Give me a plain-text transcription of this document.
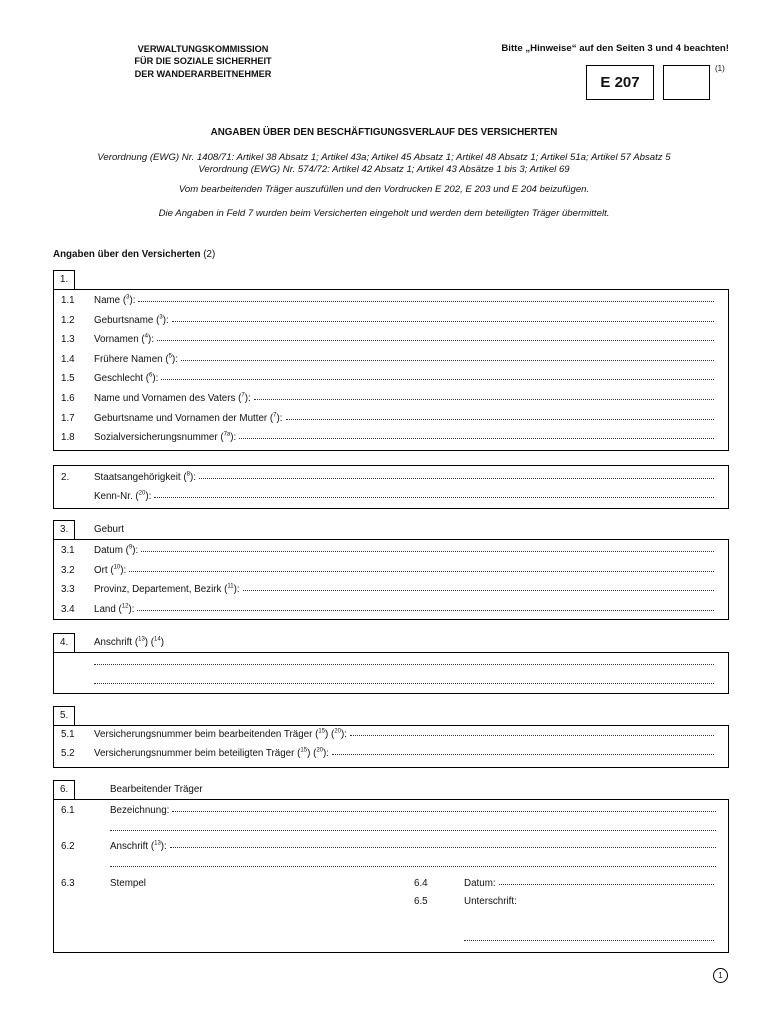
VERWALTUNGSKOMMISSION
FÜR DIE SOZIALE SICHERHEIT
DER WANDERARBEITNEHMER
Bitte „Hinweise“ auf den Seiten 3 und 4 beachten!
E 207
(1)
ANGABEN ÜBER DEN BESCHÄFTIGUNGSVERLAUF DES VERSICHERTEN
Verordnung (EWG) Nr. 1408/71: Artikel 38 Absatz 1; Artikel 43a; Artikel 45 Absatz 1; Artikel 48 Absatz 1; Artikel 51a; Artikel 57 Absatz 5
Verordnung (EWG) Nr. 574/72: Artikel 42 Absatz 1; Artikel 43 Absätze 1 bis 3; Artikel 69
Vom bearbeitenden Träger auszufüllen und den Vordrucken E 202, E 203 und E 204 beizufügen.
Die Angaben in Feld 7 wurden beim Versicherten eingeholt und werden dem beteiligten Träger übermittelt.
Angaben über den Versicherten (2)
1.
1.1 Name ($^3$):
1.2 Geburtsname ($^3$):
1.3 Vornamen ($^4$):
1.4 Frühere Namen ($^5$):
1.5 Geschlecht ($^6$):
1.6 Name und Vornamen des Vaters ($^7$):
1.7 Geburtsname und Vornamen der Mutter ($^7$):
1.8 Sozialversicherungsnummer ($^{7a}$):
2.	Staatsangehörigkeit ($^8$):
Kenn-Nr. ($^{20}$):
3.	Geburt
3.1 Datum ($^9$):
3.2 Ort ($^{10}$):
3.3 Provinz, Departement, Bezirk ($^{11}$):
3.4 Land ($^{12}$):
4.	Anschrift ($^{13}$) ($^{14}$)
5.
5.1 Versicherungsnummer beim bearbeitenden Träger ($^{15}$) ($^{20}$):
5.2 Versicherungsnummer beim beteiligten Träger ($^{15}$) ($^{20}$):
6.	Bearbeitender Träger
6.1	Bezeichnung:
6.2	Anschrift ($^{13}$):
6.3	Stempel	6.4	Datum:
6.5	Unterschrift:
1
